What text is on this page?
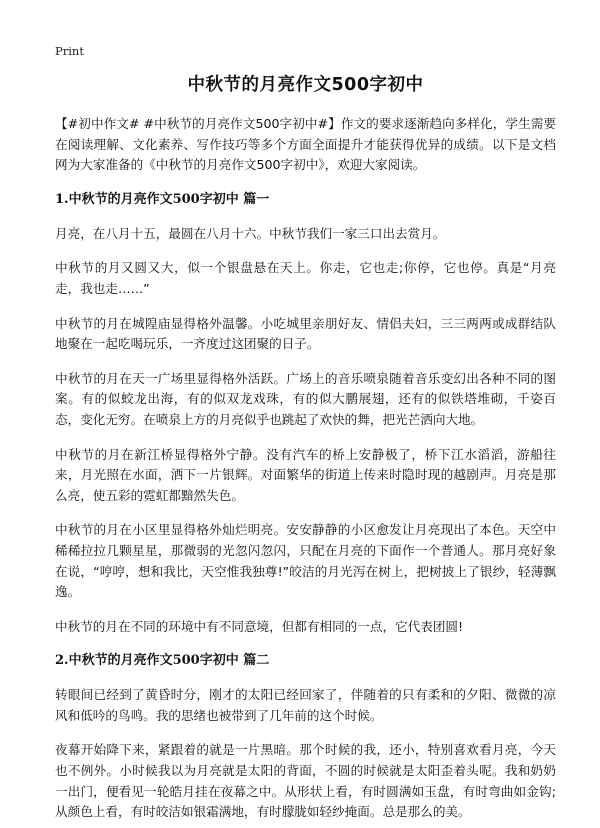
Print
中秋节的月亮作文500字初中

【#初中作文# #中秋节的月亮作文500字初中#】作文的要求逐渐趋向多样化，学生需要在阅读理解、文化素养、写作技巧等多个方面全面提升才能获得优异的成绩。以下是文档网为大家准备的《中秋节的月亮作文500字初中》，欢迎大家阅读。

1.中秋节的月亮作文500字初中 篇一

月亮，在八月十五，最圆在八月十六。中秋节我们一家三口出去赏月。

中秋节的月又圆又大，似一个银盘悬在天上。你走，它也走;你停，它也停。真是“月亮走，我也走……”

中秋节的月在城隍庙显得格外温馨。小吃城里亲朋好友、情侣夫妇，三三两两或成群结队地聚在一起吃喝玩乐，一齐度过这团聚的日子。

中秋节的月在天一广场里显得格外活跃。广场上的音乐喷泉随着音乐变幻出各种不同的图案。有的似蛟龙出海，有的似双龙戏珠，有的似大鹏展翅，还有的似铁塔堆砌，千姿百态，变化无穷。在喷泉上方的月亮似乎也跳起了欢快的舞，把光芒洒向大地。

中秋节的月在新江桥显得格外宁静。没有汽车的桥上安静极了，桥下江水滔滔，游船往来，月光照在水面，洒下一片银辉。对面繁华的街道上传来时隐时现的越剧声。月亮是那么亮，使五彩的霓虹都黯然失色。

中秋节的月在小区里显得格外灿烂明亮。安安静静的小区愈发让月亮现出了本色。天空中稀稀拉拉几颗星星，那微弱的光忽闪忽闪，只配在月亮的下面作一个普通人。那月亮好象在说，“哼哼，想和我比，天空惟我独尊!”皎洁的月光泻在树上，把树披上了银纱，轻薄飘逸。

中秋节的月在不同的环境中有不同意境，但都有相同的一点，它代表团圆!

2.中秋节的月亮作文500字初中 篇二

转眼间已经到了黄昏时分，刚才的太阳已经回家了，伴随着的只有柔和的夕阳、微微的凉风和低吟的鸟鸣。我的思绪也被带到了几年前的这个时候。

夜幕开始降下来，紧跟着的就是一片黑暗。那个时候的我，还小，特别喜欢看月亮，今天也不例外。小时候我以为月亮就是太阳的背面，不圆的时候就是太阳歪着头呢。我和奶奶一出门，便看见一轮皓月挂在夜幕之中。从形状上看，有时圆满如玉盘，有时弯曲如金钩;从颜色上看，有时皎洁如银霜满地，有时朦胧如轻纱掩面。总是那么的美。
